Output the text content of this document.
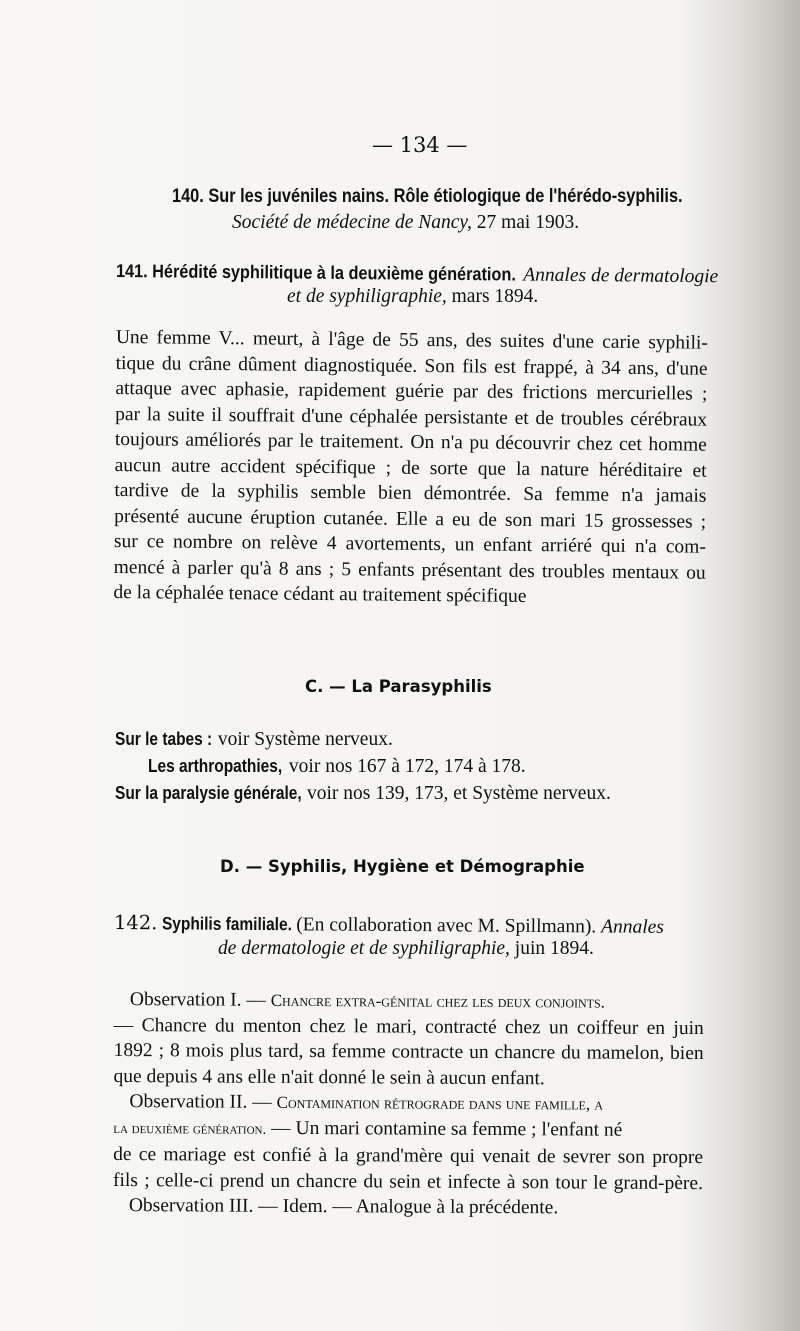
— 134 —
140. Sur les juvéniles nains. Rôle étiologique de l'hérédo-syphilis.
Société de médecine de Nancy, 27 mai 1903.
141. Hérédité syphilitique à la deuxième génération. Annales de dermatologie
et de syphiligraphie, mars 1894.
Une femme V... meurt, à l'âge de 55 ans, des suites d'une carie syphili-
tique du crâne dûment diagnostiquée. Son fils est frappé, à 34 ans, d'une
attaque avec aphasie, rapidement guérie par des frictions mercurielles ;
par la suite il souffrait d'une céphalée persistante et de troubles cérébraux
toujours améliorés par le traitement. On n'a pu découvrir chez cet homme
aucun autre accident spécifique ; de sorte que la nature héréditaire et
tardive de la syphilis semble bien démontrée. Sa femme n'a jamais
présenté aucune éruption cutanée. Elle a eu de son mari 15 grossesses ;
sur ce nombre on relève 4 avortements, un enfant arriéré qui n'a com-
mencé à parler qu'à 8 ans ; 5 enfants présentant des troubles mentaux ou
de la céphalée tenace cédant au traitement spécifique
C. — La Parasyphilis
Sur le tabes : voir Système nerveux.
Les arthropathies, voir nos 167 à 172, 174 à 178.
Sur la paralysie générale, voir nos 139, 173, et Système nerveux.
D. — Syphilis, Hygiène et Démographie
142. Syphilis familiale. (En collaboration avec M. Spillmann). Annales
de dermatologie et de syphiligraphie, juin 1894.
Observation I. — Chancre extra-génital chez les deux conjoints.
— Chancre du menton chez le mari, contracté chez un coiffeur en juin
1892 ; 8 mois plus tard, sa femme contracte un chancre du mamelon, bien
que depuis 4 ans elle n'ait donné le sein à aucun enfant.
Observation II. — Contamination rétrograde dans une famille, a
la deuxième génération. — Un mari contamine sa femme ; l'enfant né
de ce mariage est confié à la grand'mère qui venait de sevrer son propre
fils ; celle-ci prend un chancre du sein et infecte à son tour le grand-père.
Observation III. — Idem. — Analogue à la précédente.
